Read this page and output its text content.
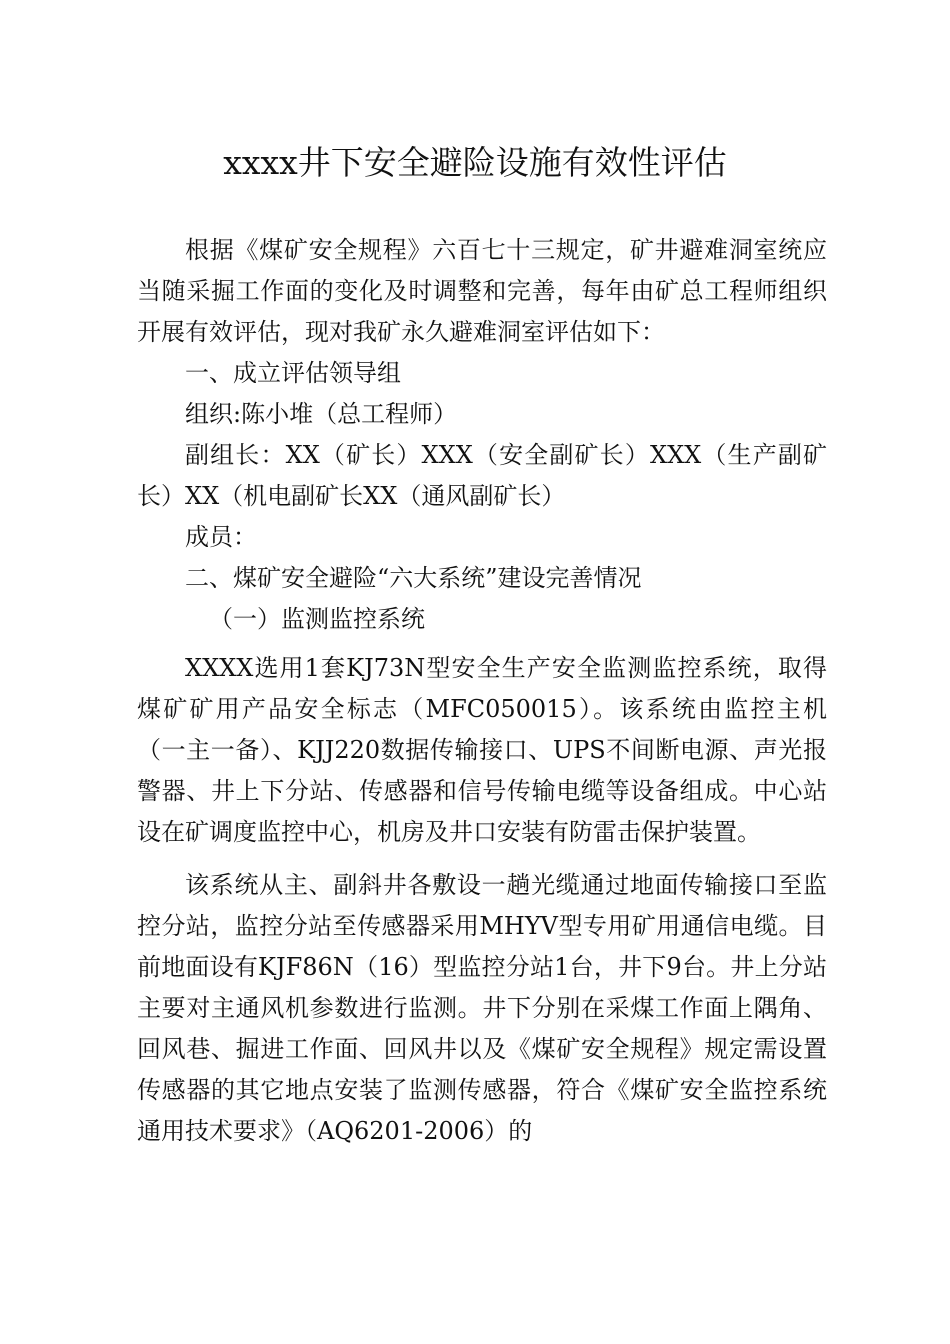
xxxx井下安全避险设施有效性评估

根据《煤矿安全规程》六百七十三规定，矿井避难洞室统应当随采掘工作面的变化及时调整和完善，每年由矿总工程师组织开展有效评估，现对我矿永久避难洞室评估如下：

一、成立评估领导组

组织:陈小堆（总工程师）

副组长：XX（矿长）XXX（安全副矿长）XXX（生产副矿长）XX（机电副矿长XX（通风副矿长）

成员：

二、煤矿安全避险“六大系统”建设完善情况

（一）监测监控系统

XXXX选用1套KJ73N型安全生产安全监测监控系统，取得煤矿矿用产品安全标志（MFC050015）。该系统由监控主机（一主一备）、KJJ220数据传输接口、UPS不间断电源、声光报警器、井上下分站、传感器和信号传输电缆等设备组成。中心站设在矿调度监控中心，机房及井口安装有防雷击保护装置。

该系统从主、副斜井各敷设一趟光缆通过地面传输接口至监控分站，监控分站至传感器采用MHYV型专用矿用通信电缆。目前地面设有KJF86N（16）型监控分站1台，井下9台。井上分站主要对主通风机参数进行监测。井下分别在采煤工作面上隅角、回风巷、掘进工作面、回风井以及《煤矿安全规程》规定需设置传感器的其它地点安装了监测传感器，符合《煤矿安全监控系统通用技术要求》（AQ6201-2006）的
